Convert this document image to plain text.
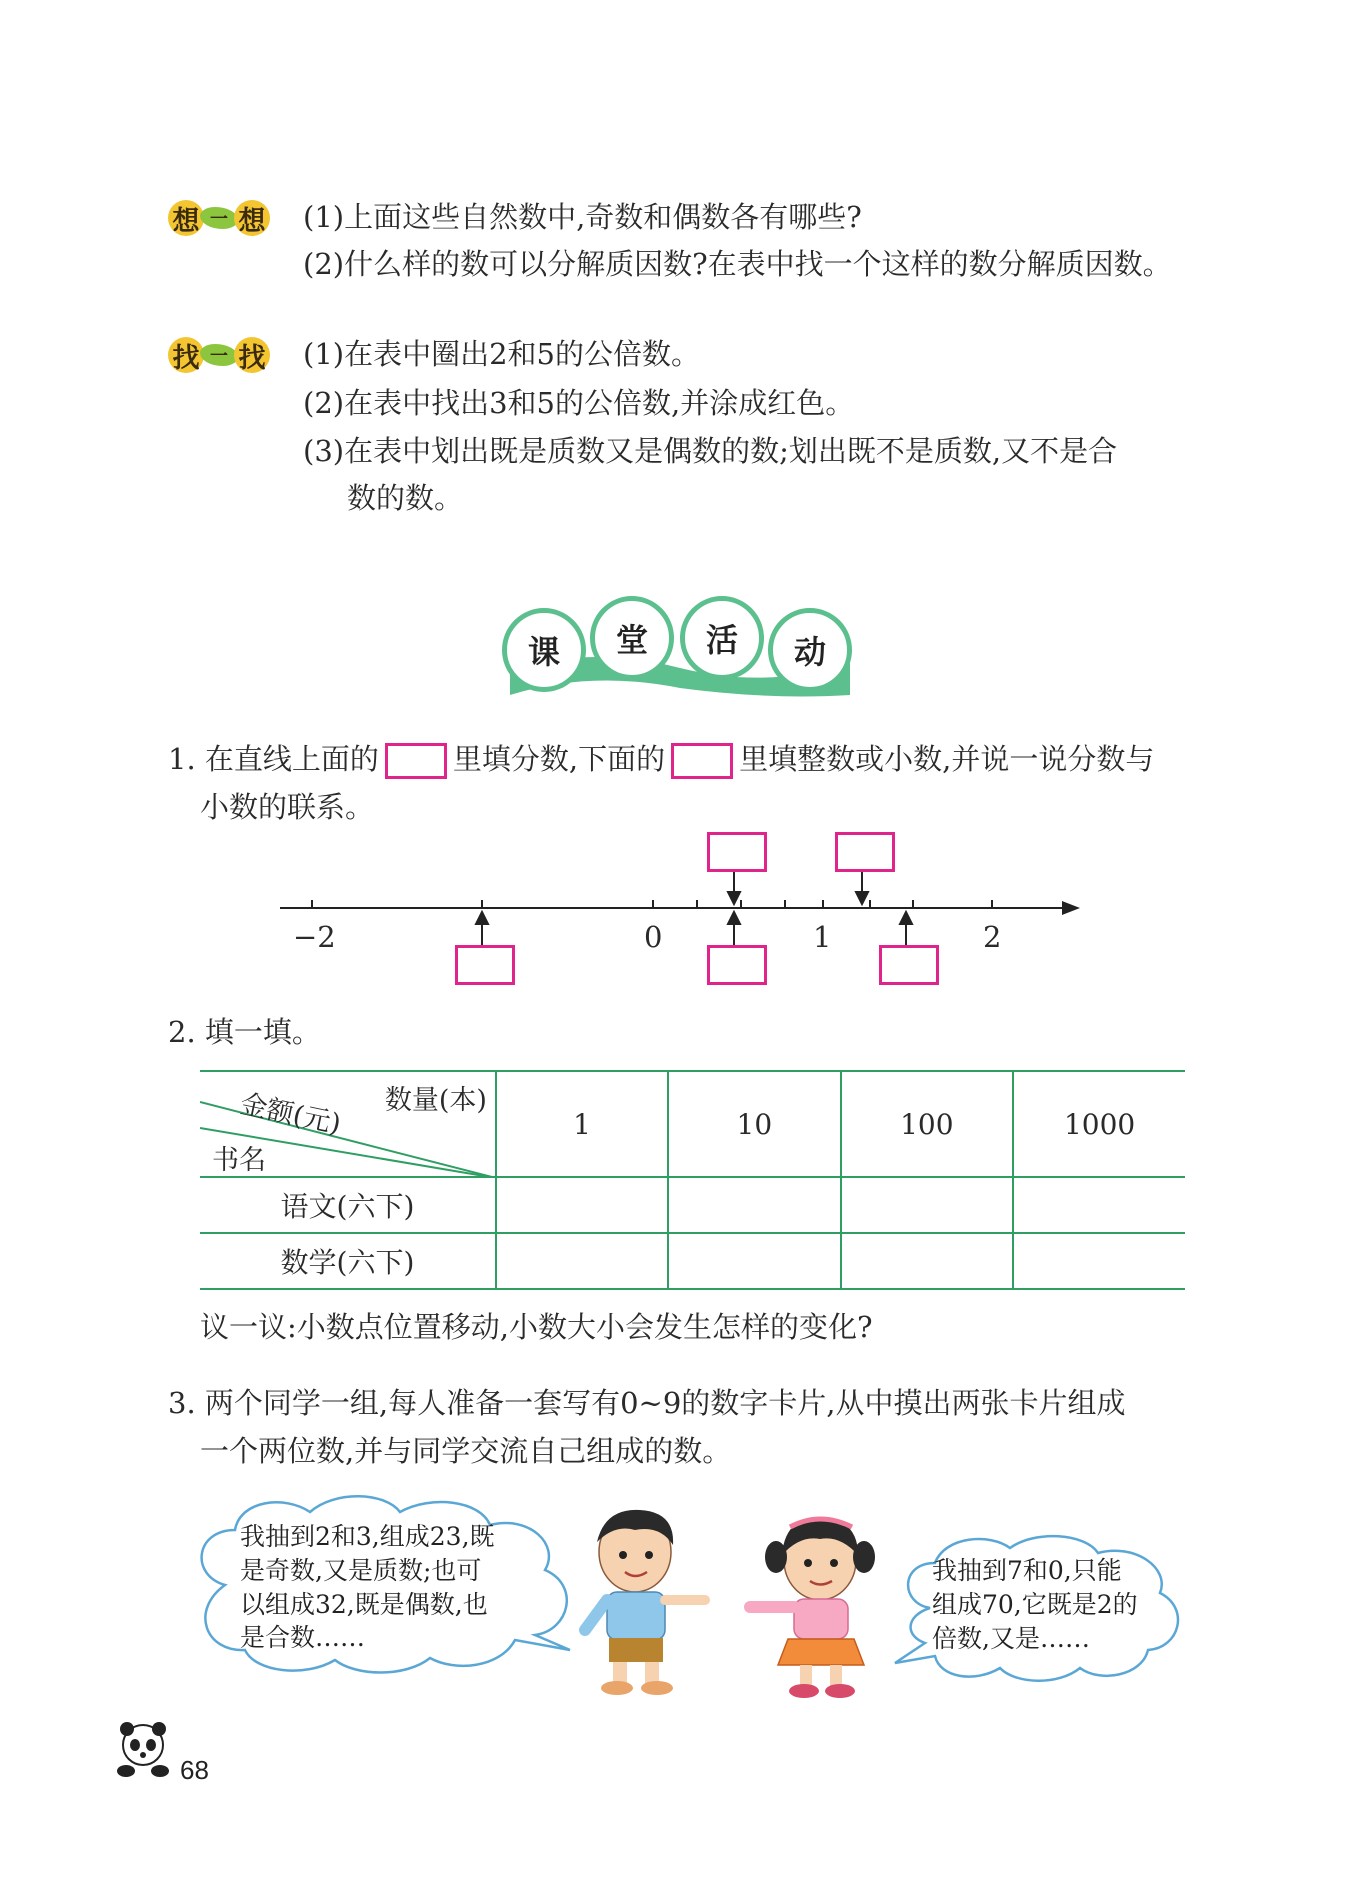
想 一 想 (1)上面这些自然数中,奇数和偶数各有哪些?
(2)什么样的数可以分解质因数?在表中找一个这样的数分解质因数。
找 一 找 (1)在表中圈出2和5的公倍数。
(2)在表中找出3和5的公倍数,并涂成红色。
(3)在表中划出既是质数又是偶数的数;划出既不是质数,又不是合
数的数。
课	堂	活	动
1. 在直线上面的	里填分数,下面的	里填整数或小数,并说一说分数与
小数的联系。
−2	0	1	2
2. 填一填。
数量(本)
金额(元)
书名	1	10	100	1000
语文(六下)				
数学(六下)				
议一议:小数点位置移动,小数大小会发生怎样的变化?
3. 两个同学一组,每人准备一套写有0~9的数字卡片,从中摸出两张卡片组成
一个两位数,并与同学交流自己组成的数。
我抽到2和3,组成23,既
是奇数,又是质数;也可
以组成32,既是偶数,也
是合数……
我抽到7和0,只能
组成70,它既是2的
倍数,又是……
68
